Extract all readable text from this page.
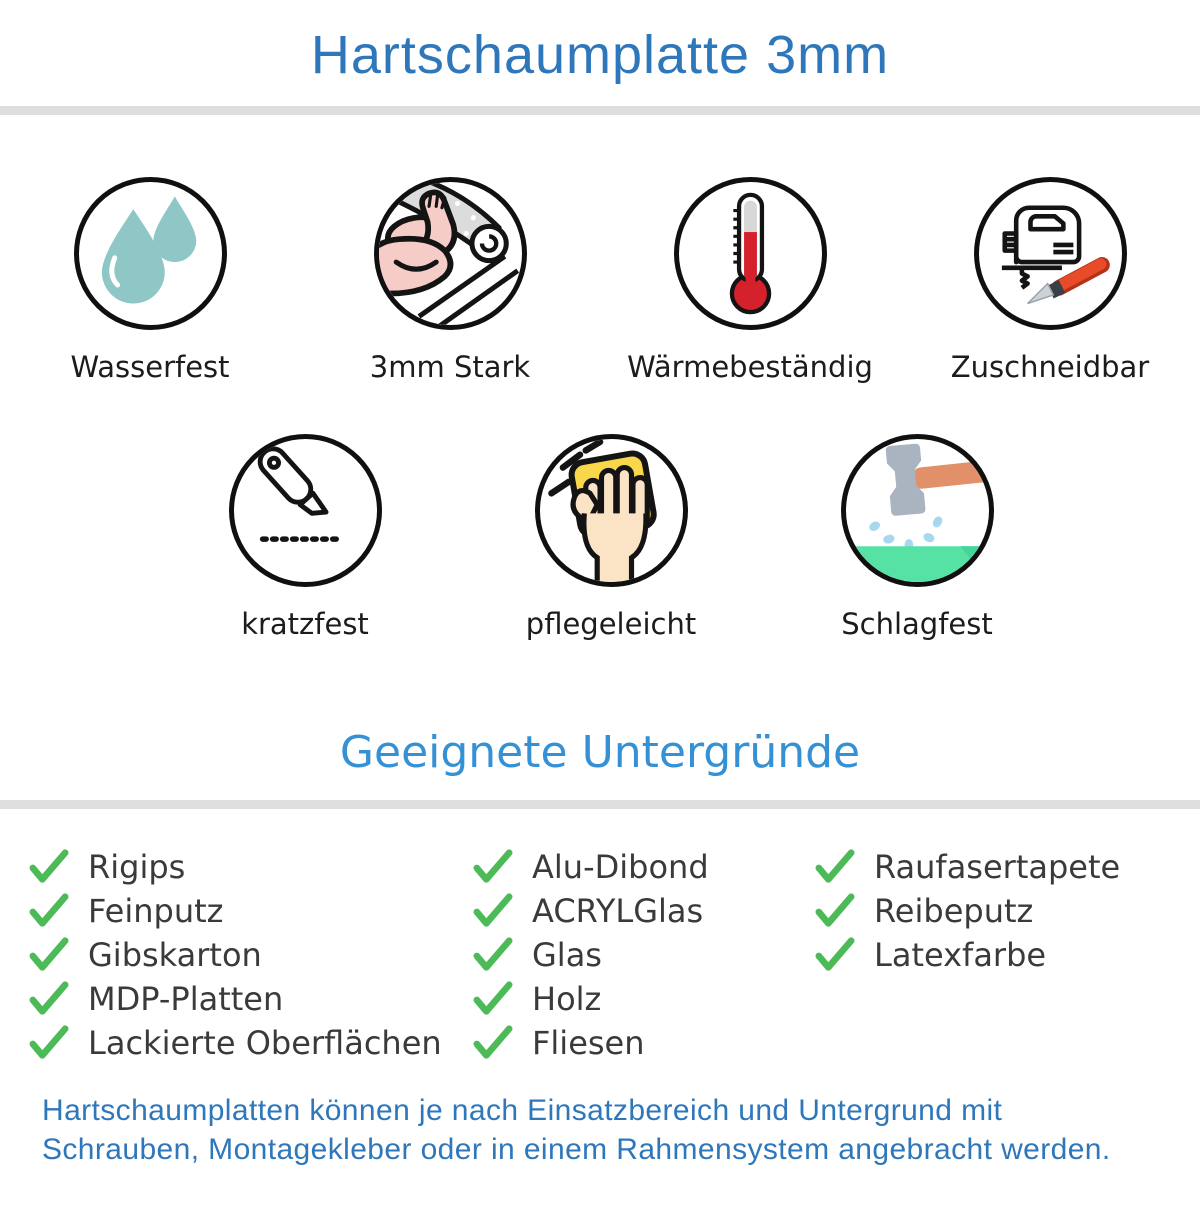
Hartschaumplatte 3mm
Wasserfest	3mm Stark	Wärmebeständig	Zuschneidbar
kratzfest	pflegeleicht	Schlagfest
Geeignete Untergründe
Rigips
Feinputz
Gibskarton
MDP-Platten
Lackierte Oberflächen
Alu-Dibond
ACRYLGlas
Glas
Holz
Fliesen
Raufasertapete
Reibeputz
Latexfarbe
Hartschaumplatten können je nach Einsatzbereich und Untergrund mit
Schrauben, Montagekleber oder in einem Rahmensystem angebracht werden.
